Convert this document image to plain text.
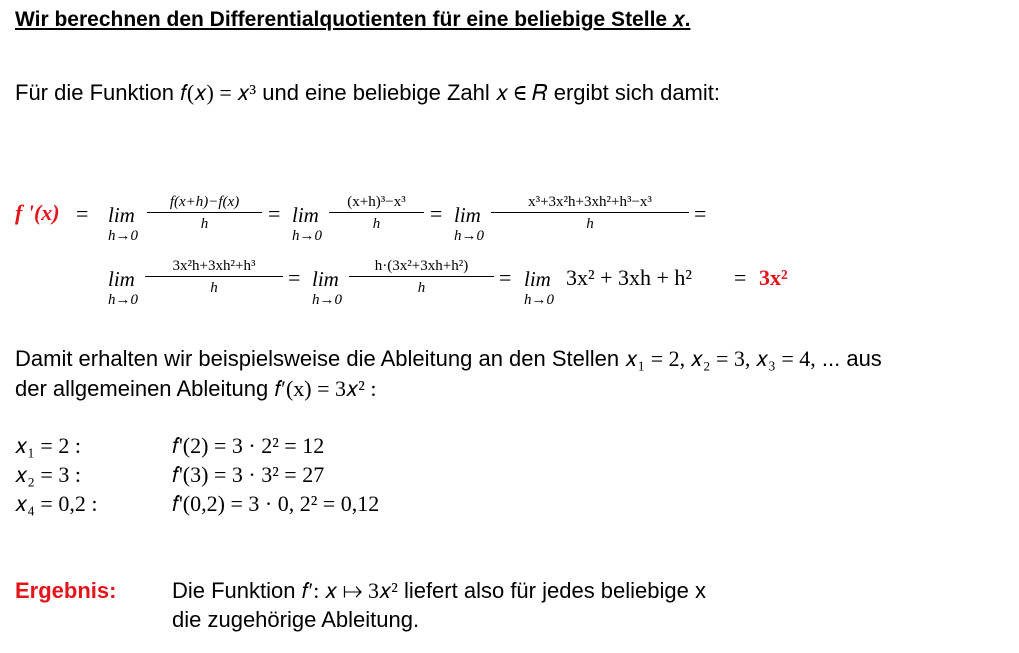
Wir berechnen den Differentialquotienten für eine beliebige Stelle 𝑥.
Für die Funktion 𝑓(𝑥) = 𝑥³ und eine beliebige Zahl 𝑥 ∈ 𝑅 ergibt sich damit:
f '(x) = lim
h→0
f(x+h)−f(x)
h	= lim
h→0
(x+h)³−x³
h	= lim
h→0
x³+3x²h+3xh²+h³−x³
h	=
lim
h→0
3x²h+3xh²+h³
h	= lim
h→0
h·(3x²+3xh+h²)
h	= lim
h→0
3x² + 3xh + h² = 3x²
Damit erhalten wir beispielsweise die Ableitung an den Stellen 𝑥₁ = 2, 𝑥₂ = 3, 𝑥₃ = 4, ... aus
der allgemeinen Ableitung 𝑓′(x) = 3𝑥² :
𝑥₁ = 2 :	𝑓'(2) = 3 · 2² = 12
𝑥₂ = 3 :	𝑓'(3) = 3 · 3² = 27
𝑥₄ = 0,2 :	𝑓'(0,2) = 3 · 0, 2² = 0,12
Ergebnis:	Die Funktion 𝑓′: 𝑥 ↦ 3𝑥² liefert also für jedes beliebige x
die zugehörige Ableitung.
